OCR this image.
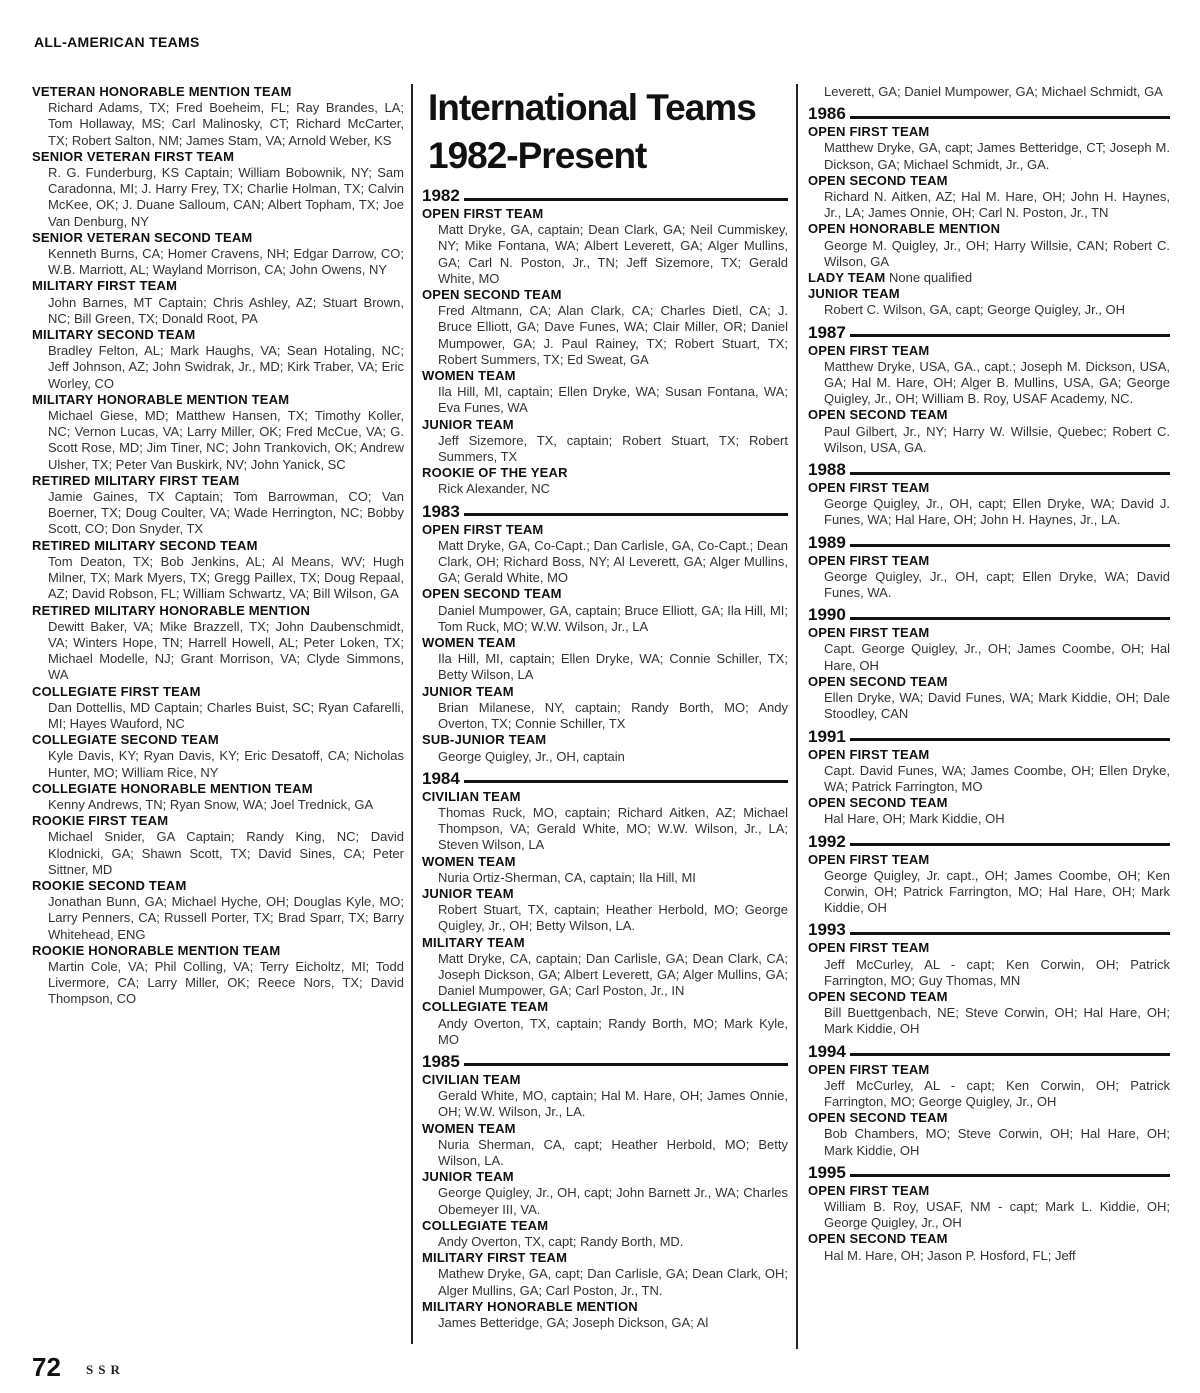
ALL-AMERICAN TEAMS
VETERAN HONORABLE MENTION TEAM
Richard Adams, TX; Fred Boeheim, FL; Ray Brandes, LA; Tom Hollaway, MS; Carl Malinosky, CT; Richard McCarter, TX; Robert Salton, NM; James Stam, VA; Arnold Weber, KS
SENIOR VETERAN FIRST TEAM
R. G. Funderburg, KS Captain; William Bobownik, NY; Sam Caradonna, MI; J. Harry Frey, TX; Charlie Holman, TX; Calvin McKee, OK; J. Duane Salloum, CAN; Albert Topham, TX; Joe Van Denburg, NY
SENIOR VETERAN SECOND TEAM
Kenneth Burns, CA; Homer Cravens, NH; Edgar Darrow, CO; W.B. Marriott, AL; Wayland Morrison, CA; John Owens, NY
MILITARY FIRST TEAM
John Barnes, MT Captain; Chris Ashley, AZ; Stuart Brown, NC; Bill Green, TX; Donald Root, PA
MILITARY SECOND TEAM
Bradley Felton, AL; Mark Haughs, VA; Sean Hotaling, NC; Jeff Johnson, AZ; John Swidrak, Jr., MD; Kirk Traber, VA; Eric Worley, CO
MILITARY HONORABLE MENTION TEAM
Michael Giese, MD; Matthew Hansen, TX; Timothy Koller, NC; Vernon Lucas, VA; Larry Miller, OK; Fred McCue, VA; G. Scott Rose, MD; Jim Tiner, NC; John Trankovich, OK; Andrew Ulsher, TX; Peter Van Buskirk, NV; John Yanick, SC
RETIRED MILITARY FIRST TEAM
Jamie Gaines, TX Captain; Tom Barrowman, CO; Van Boerner, TX; Doug Coulter, VA; Wade Herrington, NC; Bobby Scott, CO; Don Snyder, TX
RETIRED MILITARY SECOND TEAM
Tom Deaton, TX; Bob Jenkins, AL; Al Means, WV; Hugh Milner, TX; Mark Myers, TX; Gregg Paillex, TX; Doug Repaal, AZ; David Robson, FL; William Schwartz, VA; Bill Wilson, GA
RETIRED MILITARY HONORABLE MENTION
Dewitt Baker, VA; Mike Brazzell, TX; John Daubenschmidt, VA; Winters Hope, TN; Harrell Howell, AL; Peter Loken, TX; Michael Modelle, NJ; Grant Morrison, VA; Clyde Simmons, WA
COLLEGIATE FIRST TEAM
Dan Dottellis, MD Captain; Charles Buist, SC; Ryan Cafarelli, MI; Hayes Wauford, NC
COLLEGIATE SECOND TEAM
Kyle Davis, KY; Ryan Davis, KY; Eric Desatoff, CA; Nicholas Hunter, MO; William Rice, NY
COLLEGIATE HONORABLE MENTION TEAM
Kenny Andrews, TN; Ryan Snow, WA; Joel Trednick, GA
ROOKIE FIRST TEAM
Michael Snider, GA Captain; Randy King, NC; David Klodnicki, GA; Shawn Scott, TX; David Sines, CA; Peter Sittner, MD
ROOKIE SECOND TEAM
Jonathan Bunn, GA; Michael Hyche, OH; Douglas Kyle, MO; Larry Penners, CA; Russell Porter, TX; Brad Sparr, TX; Barry Whitehead, ENG
ROOKIE HONORABLE MENTION TEAM
Martin Cole, VA; Phil Colling, VA; Terry Eicholtz, MI; Todd Livermore, CA; Larry Miller, OK; Reece Nors, TX; David Thompson, CO
International Teams
1982-Present
1982
OPEN FIRST TEAM
Matt Dryke, GA, captain; Dean Clark, GA; Neil Cummiskey, NY; Mike Fontana, WA; Albert Leverett, GA; Alger Mullins, GA; Carl N. Poston, Jr., TN; Jeff Sizemore, TX; Gerald White, MO
OPEN SECOND TEAM
Fred Altmann, CA; Alan Clark, CA; Charles Dietl, CA; J. Bruce Elliott, GA; Dave Funes, WA; Clair Miller, OR; Daniel Mumpower, GA; J. Paul Rainey, TX; Robert Stuart, TX; Robert Summers, TX; Ed Sweat, GA
WOMEN TEAM
Ila Hill, MI, captain; Ellen Dryke, WA; Susan Fontana, WA; Eva Funes, WA
JUNIOR TEAM
Jeff Sizemore, TX, captain; Robert Stuart, TX; Robert Summers, TX
ROOKIE OF THE YEAR
Rick Alexander, NC
1983
OPEN FIRST TEAM
Matt Dryke, GA, Co-Capt.; Dan Carlisle, GA, Co-Capt.; Dean Clark, OH; Richard Boss, NY; Al Leverett, GA; Alger Mullins, GA; Gerald White, MO
OPEN SECOND TEAM
Daniel Mumpower, GA, captain; Bruce Elliott, GA; Ila Hill, MI; Tom Ruck, MO; W.W. Wilson, Jr., LA
WOMEN TEAM
Ila Hill, MI, captain; Ellen Dryke, WA; Connie Schiller, TX; Betty Wilson, LA
JUNIOR TEAM
Brian Milanese, NY, captain; Randy Borth, MO; Andy Overton, TX; Connie Schiller, TX
SUB-JUNIOR TEAM
George Quigley, Jr., OH, captain
1984
CIVILIAN TEAM
Thomas Ruck, MO, captain; Richard Aitken, AZ; Michael Thompson, VA; Gerald White, MO; W.W. Wilson, Jr., LA; Steven Wilson, LA
WOMEN TEAM
Nuria Ortiz-Sherman, CA, captain; Ila Hill, MI
JUNIOR TEAM
Robert Stuart, TX, captain; Heather Herbold, MO; George Quigley, Jr., OH; Betty Wilson, LA.
MILITARY TEAM
Matt Dryke, CA, captain; Dan Carlisle, GA; Dean Clark, CA; Joseph Dickson, GA; Albert Leverett, GA; Alger Mullins, GA; Daniel Mumpower, GA; Carl Poston, Jr., IN
COLLEGIATE TEAM
Andy Overton, TX, captain; Randy Borth, MO; Mark Kyle, MO
1985
CIVILIAN TEAM
Gerald White, MO, captain; Hal M. Hare, OH; James Onnie, OH; W.W. Wilson, Jr., LA.
WOMEN TEAM
Nuria Sherman, CA, capt; Heather Herbold, MO; Betty Wilson, LA.
JUNIOR TEAM
George Quigley, Jr., OH, capt; John Barnett Jr., WA; Charles Obemeyer III, VA.
COLLEGIATE TEAM
Andy Overton, TX, capt; Randy Borth, MD.
MILITARY FIRST TEAM
Mathew Dryke, GA, capt; Dan Carlisle, GA; Dean Clark, OH; Alger Mullins, GA; Carl Poston, Jr., TN.
MILITARY HONORABLE MENTION
James Betteridge, GA; Joseph Dickson, GA; Al
Leverett, GA; Daniel Mumpower, GA; Michael Schmidt, GA
1986
OPEN FIRST TEAM
Matthew Dryke, GA, capt; James Betteridge, CT; Joseph M. Dickson, GA; Michael Schmidt, Jr., GA.
OPEN SECOND TEAM
Richard N. Aitken, AZ; Hal M. Hare, OH; John H. Haynes, Jr., LA; James Onnie, OH; Carl N. Poston, Jr., TN
OPEN HONORABLE MENTION
George M. Quigley, Jr., OH; Harry Willsie, CAN; Robert C. Wilson, GA
LADY TEAM None qualified
JUNIOR TEAM
Robert C. Wilson, GA, capt; George Quigley, Jr., OH
1987
OPEN FIRST TEAM
Matthew Dryke, USA, GA., capt.; Joseph M. Dickson, USA, GA; Hal M. Hare, OH; Alger B. Mullins, USA, GA; George Quigley, Jr., OH; William B. Roy, USAF Academy, NC.
OPEN SECOND TEAM
Paul Gilbert, Jr., NY; Harry W. Willsie, Quebec; Robert C. Wilson, USA, GA.
1988
OPEN FIRST TEAM
George Quigley, Jr., OH, capt; Ellen Dryke, WA; David J. Funes, WA; Hal Hare, OH; John H. Haynes, Jr., LA.
1989
OPEN FIRST TEAM
George Quigley, Jr., OH, capt; Ellen Dryke, WA; David Funes, WA.
1990
OPEN FIRST TEAM
Capt. George Quigley, Jr., OH; James Coombe, OH; Hal Hare, OH
OPEN SECOND TEAM
Ellen Dryke, WA; David Funes, WA; Mark Kiddie, OH; Dale Stoodley, CAN
1991
OPEN FIRST TEAM
Capt. David Funes, WA; James Coombe, OH; Ellen Dryke, WA; Patrick Farrington, MO
OPEN SECOND TEAM
Hal Hare, OH; Mark Kiddie, OH
1992
OPEN FIRST TEAM
George Quigley, Jr. capt., OH; James Coombe, OH; Ken Corwin, OH; Patrick Farrington, MO; Hal Hare, OH; Mark Kiddie, OH
1993
OPEN FIRST TEAM
Jeff McCurley, AL - capt; Ken Corwin, OH; Patrick Farrington, MO; Guy Thomas, MN
OPEN SECOND TEAM
Bill Buettgenbach, NE; Steve Corwin, OH; Hal Hare, OH; Mark Kiddie, OH
1994
OPEN FIRST TEAM
Jeff McCurley, AL - capt; Ken Corwin, OH; Patrick Farrington, MO; George Quigley, Jr., OH
OPEN SECOND TEAM
Bob Chambers, MO; Steve Corwin, OH; Hal Hare, OH; Mark Kiddie, OH
1995
OPEN FIRST TEAM
William B. Roy, USAF, NM - capt; Mark L. Kiddie, OH; George Quigley, Jr., OH
OPEN SECOND TEAM
Hal M. Hare, OH; Jason P. Hosford, FL; Jeff
72 SSR
